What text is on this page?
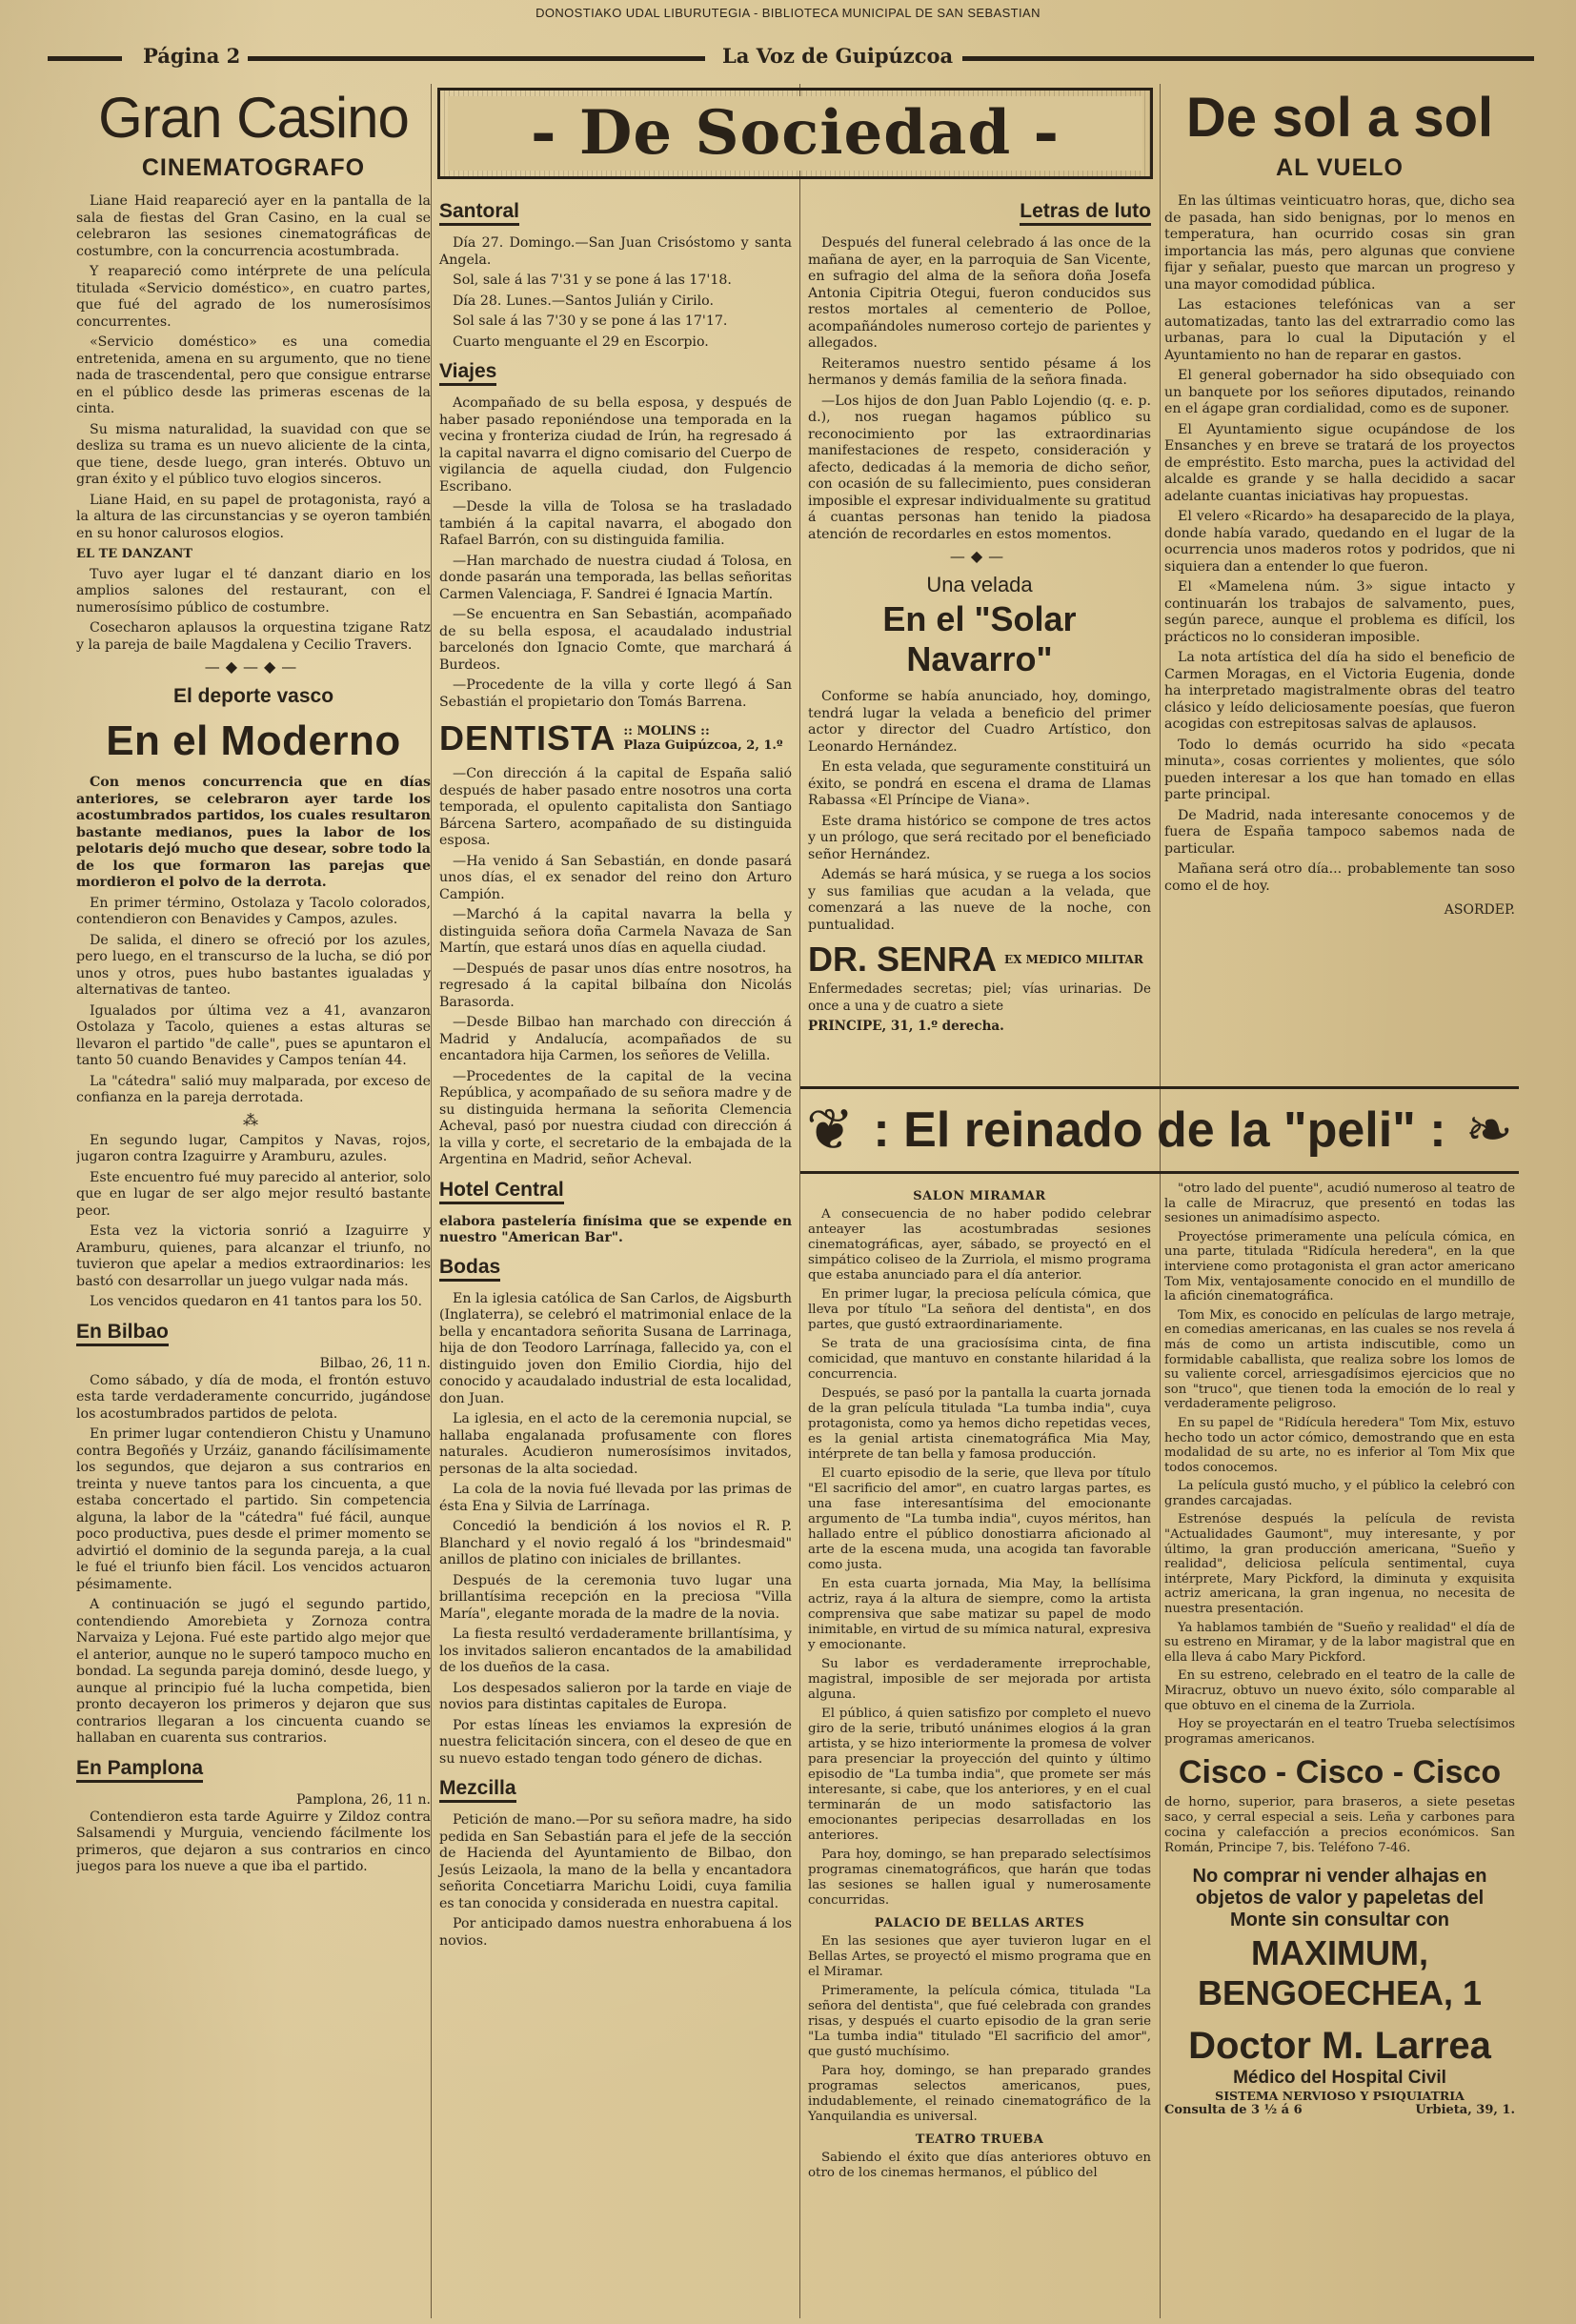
DONOSTIAKO UDAL LIBURUTEGIA - BIBLIOTECA MUNICIPAL DE SAN SEBASTIAN
Página 2	La Voz de Guipúzcoa
Gran Casino
CINEMATOGRAFO

Liane Haid reapareció ayer en la pantalla de la sala de fiestas del Gran Casino, en la cual se celebraron las sesiones cinematográficas de costumbre, con la concurrencia acostumbrada.

Y reapareció como intérprete de una película titulada «Servicio doméstico», en cuatro partes, que fué del agrado de los numerosísimos concurrentes.

«Servicio doméstico» es una comedia entretenida, amena en su argumento, que no tiene nada de trascendental, pero que consigue entrarse en el público desde las primeras escenas de la cinta.

Su misma naturalidad, la suavidad con que se desliza su trama es un nuevo aliciente de la cinta, que tiene, desde luego, gran interés. Obtuvo un gran éxito y el público tuvo elogios sinceros.

Liane Haid, en su papel de protagonista, rayó a la altura de las circunstancias y se oyeron también en su honor calurosos elogios.

EL TE DANZANT

Tuvo ayer lugar el té danzant diario en los amplios salones del restaurant, con el numerosísimo público de costumbre.

Cosecharon aplausos la orquestina tzigane Ratz y la pareja de baile Magdalena y Cecilio Travers.

—◆—◆—
El deporte vasco
En el Moderno

Con menos concurrencia que en días anteriores, se celebraron ayer tarde los acostumbrados partidos, los cuales resultaron bastante medianos, pues la labor de los pelotaris dejó mucho que desear, sobre todo la de los que formaron las parejas que mordieron el polvo de la derrota.

En primer término, Ostolaza y Tacolo colorados, contendieron con Benavides y Campos, azules.

De salida, el dinero se ofreció por los azules, pero luego, en el transcurso de la lucha, se dió por unos y otros, pues hubo bastantes igualadas y alternativas de tanteo.

Igualados por última vez a 41, avanzaron Ostolaza y Tacolo, quienes a estas alturas se llevaron el partido "de calle", pues se apuntaron el tanto 50 cuando Benavides y Campos tenían 44.

La "cátedra" salió muy malparada, por exceso de confianza en la pareja derrotada.

⁂

En segundo lugar, Campitos y Navas, rojos, jugaron contra Izaguirre y Aramburu, azules.

Este encuentro fué muy parecido al anterior, solo que en lugar de ser algo mejor resultó bastante peor.

Esta vez la victoria sonrió a Izaguirre y Aramburu, quienes, para alcanzar el triunfo, no tuvieron que apelar a medios extraordinarios: les bastó con desarrollar un juego vulgar nada más.

Los vencidos quedaron en 41 tantos para los 50.

En Bilbao
Bilbao, 26, 11 n.

Como sábado, y día de moda, el frontón estuvo esta tarde verdaderamente concurrido, jugándose los acostumbrados partidos de pelota.

En primer lugar contendieron Chistu y Unamuno contra Begoñés y Urzáiz, ganando fácilísimamente los segundos, que dejaron a sus contrarios en treinta y nueve tantos para los cincuenta, a que estaba concertado el partido. Sin competencia alguna, la labor de la "cátedra" fué fácil, aunque poco productiva, pues desde el primer momento se advirtió el dominio de la segunda pareja, a la cual le fué el triunfo bien fácil. Los vencidos actuaron pésimamente.

A continuación se jugó el segundo partido, contendiendo Amorebieta y Zornoza contra Narvaiza y Lejona. Fué este partido algo mejor que el anterior, aunque no le superó tampoco mucho en bondad. La segunda pareja dominó, desde luego, y aunque al principio fué la lucha competida, bien pronto decayeron los primeros y dejaron que sus contrarios llegaran a los cincuenta cuando se hallaban en cuarenta sus contrarios.

En Pamplona
Pamplona, 26, 11 n.

Contendieron esta tarde Aguirre y Zildoz contra Salsamendi y Murguia, venciendo fácilmente los primeros, que dejaron a sus contrarios en cinco juegos para los nueve a que iba el partido.

- De Sociedad -
Santoral

Día 27. Domingo.—San Juan Crisóstomo y santa Angela.

Sol, sale á las 7'31 y se pone á las 17'18.

Día 28. Lunes.—Santos Julián y Cirilo.

Sol sale á las 7'30 y se pone á las 17'17.

Cuarto menguante el 29 en Escorpio.

Viajes

Acompañado de su bella esposa, y después de haber pasado reponiéndose una temporada en la vecina y fronteriza ciudad de Irún, ha regresado á la capital navarra el digno comisario del Cuerpo de vigilancia de aquella ciudad, don Fulgencio Escribano.

—Desde la villa de Tolosa se ha trasladado también á la capital navarra, el abogado don Rafael Barrón, con su distinguida familia.

—Han marchado de nuestra ciudad á Tolosa, en donde pasarán una temporada, las bellas señoritas Carmen Valenciaga, F. Sandrei é Ignacia Martín.

—Se encuentra en San Sebastián, acompañado de su bella esposa, el acaudalado industrial barcelonés don Ignacio Comte, que marchará á Burdeos.

—Procedente de la villa y corte llegó á San Sebastián el propietario don Tomás Barrena.

DENTISTA :: MOLINS ::
Plaza Guipúzcoa, 2, 1.º

—Con dirección á la capital de España salió después de haber pasado entre nosotros una corta temporada, el opulento capitalista don Santiago Bárcena Sartero, acompañado de su distinguida esposa.

—Ha venido á San Sebastián, en donde pasará unos días, el ex senador del reino don Arturo Campión.

—Marchó á la capital navarra la bella y distinguida señora doña Carmela Navaza de San Martín, que estará unos días en aquella ciudad.

—Después de pasar unos días entre nosotros, ha regresado á la capital bilbaína don Nicolás Barasorda.

—Desde Bilbao han marchado con dirección á Madrid y Andalucía, acompañados de su encantadora hija Carmen, los señores de Velilla.

—Procedentes de la capital de la vecina República, y acompañado de su señora madre y de su distinguida hermana la señorita Clemencia Acheval, pasó por nuestra ciudad con dirección á la villa y corte, el secretario de la embajada de la Argentina en Madrid, señor Acheval.

Hotel Central

elabora pastelería finísima que se expende en nuestro "American Bar".

Bodas

En la iglesia católica de San Carlos, de Aigsburth (Inglaterra), se celebró el matrimonial enlace de la bella y encantadora señorita Susana de Larrinaga, hija de don Teodoro Larrínaga, fallecido ya, con el distinguido joven don Emilio Ciordia, hijo del conocido y acaudalado industrial de esta localidad, don Juan.

La iglesia, en el acto de la ceremonia nupcial, se hallaba engalanada profusamente con flores naturales. Acudieron numerosísimos invitados, personas de la alta sociedad.

La cola de la novia fué llevada por las primas de ésta Ena y Silvia de Larrínaga.

Concedió la bendición á los novios el R. P. Blanchard y el novio regaló á los "brindesmaid" anillos de platino con iniciales de brillantes.

Después de la ceremonia tuvo lugar una brillantísima recepción en la preciosa "Villa María", elegante morada de la madre de la novia.

La fiesta resultó verdaderamente brillantísima, y los invitados salieron encantados de la amabilidad de los dueños de la casa.

Los despesados salieron por la tarde en viaje de novios para distintas capitales de Europa.

Por estas líneas les enviamos la expresión de nuestra felicitación sincera, con el deseo de que en su nuevo estado tengan todo género de dichas.

Mezcilla

Petición de mano.—Por su señora madre, ha sido pedida en San Sebastián para el jefe de la sección de Hacienda del Ayuntamiento de Bilbao, don Jesús Leizaola, la mano de la bella y encantadora señorita Concetiarra Marichu Loidi, cuya familia es tan conocida y considerada en nuestra capital.

Por anticipado damos nuestra enhorabuena á los novios.

Letras de luto

Después del funeral celebrado á las once de la mañana de ayer, en la parroquia de San Vicente, en sufragio del alma de la señora doña Josefa Antonia Cipitria Otegui, fueron conducidos sus restos mortales al cementerio de Polloe, acompañándoles numeroso cortejo de parientes y allegados.

Reiteramos nuestro sentido pésame á los hermanos y demás familia de la señora finada.

—Los hijos de don Juan Pablo Lojendio (q. e. p. d.), nos ruegan hagamos público su reconocimiento por las extraordinarias manifestaciones de respeto, consideración y afecto, dedicadas á la memoria de dicho señor, con ocasión de su fallecimiento, pues consideran imposible el expresar individualmente su gratitud á cuantas personas han tenido la piadosa atención de recordarles en estos momentos.

—◆—
Una velada
En el "Solar Navarro"

Conforme se había anunciado, hoy, domingo, tendrá lugar la velada a beneficio del primer actor y director del Cuadro Artístico, don Leonardo Hernández.

En esta velada, que seguramente constituirá un éxito, se pondrá en escena el drama de Llamas Rabassa «El Príncipe de Viana».

Este drama histórico se compone de tres actos y un prólogo, que será recitado por el beneficiado señor Hernández.

Además se hará música, y se ruega a los socios y sus familias que acudan a la velada, que comenzará a las nueve de la noche, con puntualidad.

DR. SENRA EX MEDICO MILITAR

Enfermedades secretas; piel; vías urinarias. De once a una y de cuatro a siete

PRINCIPE, 31, 1.º derecha.

De sol a sol
AL VUELO

En las últimas veinticuatro horas, que, dicho sea de pasada, han sido benignas, por lo menos en temperatura, han ocurrido cosas sin gran importancia las más, pero algunas que conviene fijar y señalar, puesto que marcan un progreso y una mayor comodidad pública.

Las estaciones telefónicas van a ser automatizadas, tanto las del extrarradio como las urbanas, para lo cual la Diputación y el Ayuntamiento no han de reparar en gastos.

El general gobernador ha sido obsequiado con un banquete por los señores diputados, reinando en el ágape gran cordialidad, como es de suponer.

El Ayuntamiento sigue ocupándose de los Ensanches y en breve se tratará de los proyectos de empréstito. Esto marcha, pues la actividad del alcalde es grande y se halla decidido a sacar adelante cuantas iniciativas hay propuestas.

El velero «Ricardo» ha desaparecido de la playa, donde había varado, quedando en el lugar de la ocurrencia unos maderos rotos y podridos, que ni siquiera dan a entender lo que fueron.

El «Mamelena núm. 3» sigue intacto y continuarán los trabajos de salvamento, pues, según parece, aunque el problema es difícil, los prácticos no lo consideran imposible.

La nota artística del día ha sido el beneficio de Carmen Moragas, en el Victoria Eugenia, donde ha interpretado magistralmente obras del teatro clásico y leído deliciosamente poesías, que fueron acogidas con estrepitosas salvas de aplausos.

Todo lo demás ocurrido ha sido «pecata minuta», cosas corrientes y molientes, que sólo pueden interesar a los que han tomado en ellas parte principal.

De Madrid, nada interesante conocemos y de fuera de España tampoco sabemos nada de particular.

Mañana será otro día... probablemente tan soso como el de hoy.

ASORDEP.
❦ : El reinado de la "peli" : ❧
SALON MIRAMAR

A consecuencia de no haber podido celebrar anteayer las acostumbradas sesiones cinematográficas, ayer, sábado, se proyectó en el simpático coliseo de la Zurriola, el mismo programa que estaba anunciado para el día anterior.

En primer lugar, la preciosa película cómica, que lleva por título "La señora del dentista", en dos partes, que gustó extraordinariamente.

Se trata de una graciosísima cinta, de fina comicidad, que mantuvo en constante hilaridad á la concurrencia.

Después, se pasó por la pantalla la cuarta jornada de la gran película titulada "La tumba india", cuya protagonista, como ya hemos dicho repetidas veces, es la genial artista cinematográfica Mia May, intérprete de tan bella y famosa producción.

El cuarto episodio de la serie, que lleva por título "El sacrificio del amor", en cuatro largas partes, es una fase interesantísima del emocionante argumento de "La tumba india", cuyos méritos, han hallado entre el público donostiarra aficionado al arte de la escena muda, una acogida tan favorable como justa.

En esta cuarta jornada, Mia May, la bellísima actriz, raya á la altura de siempre, como la artista comprensiva que sabe matizar su papel de modo inimitable, en virtud de su mímica natural, expresiva y emocionante.

Su labor es verdaderamente irreprochable, magistral, imposible de ser mejorada por artista alguna.

El público, á quien satisfizo por completo el nuevo giro de la serie, tributó unánimes elogios á la gran artista, y se hizo interiormente la promesa de volver para presenciar la proyección del quinto y último episodio de "La tumba india", que promete ser más interesante, si cabe, que los anteriores, y en el cual terminarán de un modo satisfactorio las emocionantes peripecias desarrolladas en los anteriores.

Para hoy, domingo, se han preparado selectísimos programas cinematográficos, que harán que todas las sesiones se hallen igual y numerosamente concurridas.

PALACIO DE BELLAS ARTES

En las sesiones que ayer tuvieron lugar en el Bellas Artes, se proyectó el mismo programa que en el Miramar.

Primeramente, la película cómica, titulada "La señora del dentista", que fué celebrada con grandes risas, y después el cuarto episodio de la gran serie "La tumba india" titulado "El sacrificio del amor", que gustó muchísimo.

Para hoy, domingo, se han preparado grandes programas selectos americanos, pues, indudablemente, el reinado cinematográfico de la Yanquilandia es universal.

TEATRO TRUEBA

Sabiendo el éxito que días anteriores obtuvo en otro de los cinemas hermanos, el público del

"otro lado del puente", acudió numeroso al teatro de la calle de Miracruz, que presentó en todas las sesiones un animadísimo aspecto.

Proyectóse primeramente una película cómica, en una parte, titulada "Ridícula heredera", en la que interviene como protagonista el gran actor americano Tom Mix, ventajosamente conocido en el mundillo de la afición cinematográfica.

Tom Mix, es conocido en películas de largo metraje, en comedias americanas, en las cuales se nos revela á más de como un artista indiscutible, como un formidable caballista, que realiza sobre los lomos de su valiente corcel, arriesgadísimos ejercicios que no son "truco", que tienen toda la emoción de lo real y verdaderamente peligroso.

En su papel de "Ridícula heredera" Tom Mix, estuvo hecho todo un actor cómico, demostrando que en esta modalidad de su arte, no es inferior al Tom Mix que todos conocemos.

La película gustó mucho, y el público la celebró con grandes carcajadas.

Estrenóse después la película de revista "Actualidades Gaumont", muy interesante, y por último, la gran producción americana, "Sueño y realidad", deliciosa película sentimental, cuya intérprete, Mary Pickford, la diminuta y exquisita actriz americana, la gran ingenua, no necesita de nuestra presentación.

Ya hablamos también de "Sueño y realidad" el día de su estreno en Miramar, y de la labor magistral que en ella lleva á cabo Mary Pickford.

En su estreno, celebrado en el teatro de la calle de Miracruz, obtuvo un nuevo éxito, sólo comparable al que obtuvo en el cinema de la Zurriola.

Hoy se proyectarán en el teatro Trueba selectísimos programas americanos.

Cisco - Cisco - Cisco

de horno, superior, para braseros, a siete pesetas saco, y cerral especial a seis. Leña y carbones para cocina y calefacción a precios económicos. San Román, Principe 7, bis. Teléfono 7-46.

No comprar ni vender alhajas en
objetos de valor y papeletas del
Monte sin consultar con
MAXIMUM, BENGOECHEA, 1
Doctor M. Larrea
Médico del Hospital Civil
SISTEMA NERVIOSO Y PSIQUIATRIA
Consulta de 3 ½ á 6	Urbieta, 39, 1.
